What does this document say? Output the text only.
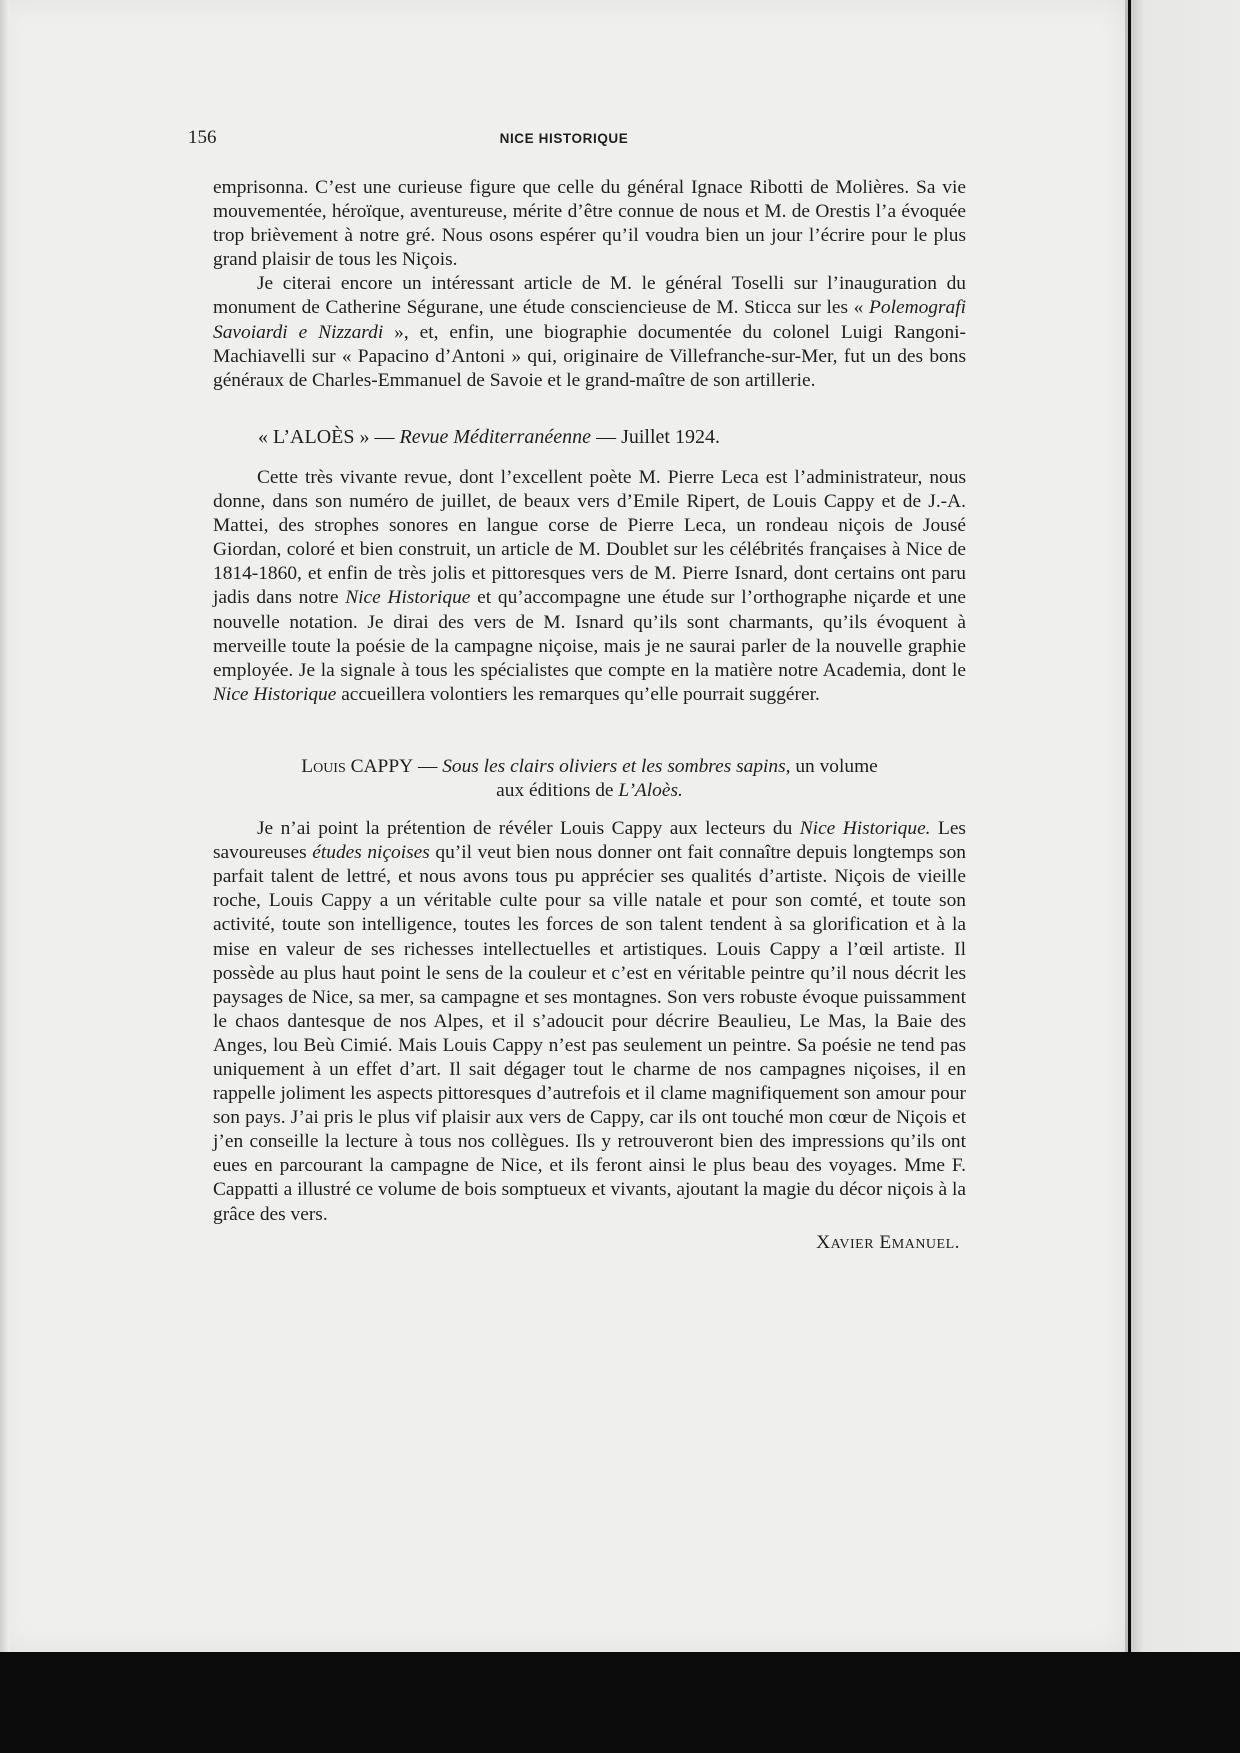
156	NICE HISTORIQUE

emprisonna. C’est une curieuse figure que celle du général Ignace Ribotti de Molières. Sa vie mouvementée, héroïque, aventureuse, mérite d’être connue de nous et M. de Orestis l’a évoquée trop brièvement à notre gré. Nous osons espérer qu’il voudra bien un jour l’écrire pour le plus grand plaisir de tous les Niçois.

Je citerai encore un intéressant article de M. le général Toselli sur l’inauguration du monument de Catherine Ségurane, une étude consciencieuse de M. Sticca sur les « Polemografi Savoiardi e Nizzardi », et, enfin, une biographie documentée du colonel Luigi Rangoni-Machiavelli sur « Papacino d’Antoni » qui, originaire de Villefranche-sur-Mer, fut un des bons généraux de Charles-Emmanuel de Savoie et le grand-maître de son artillerie.

« L’ALOÈS » — Revue Méditerranéenne — Juillet 1924.

Cette très vivante revue, dont l’excellent poète M. Pierre Leca est l’administrateur, nous donne, dans son numéro de juillet, de beaux vers d’Emile Ripert, de Louis Cappy et de J.-A. Mattei, des strophes sonores en langue corse de Pierre Leca, un rondeau niçois de Jousé Giordan, coloré et bien construit, un article de M. Doublet sur les célébrités françaises à Nice de 1814-1860, et enfin de très jolis et pittoresques vers de M. Pierre Isnard, dont certains ont paru jadis dans notre Nice Historique et qu’accompagne une étude sur l’orthographe niçarde et une nouvelle notation. Je dirai des vers de M. Isnard qu’ils sont charmants, qu’ils évoquent à merveille toute la poésie de la campagne niçoise, mais je ne saurai parler de la nouvelle graphie employée. Je la signale à tous les spécialistes que compte en la matière notre Academia, dont le Nice Historique accueillera volontiers les remarques qu’elle pourrait suggérer.

Louis CAPPY — Sous les clairs oliviers et les sombres sapins, un volume
aux éditions de L’Aloès.

Je n’ai point la prétention de révéler Louis Cappy aux lecteurs du Nice Historique. Les savoureuses études niçoises qu’il veut bien nous donner ont fait connaître depuis longtemps son parfait talent de lettré, et nous avons tous pu apprécier ses qualités d’artiste. Niçois de vieille roche, Louis Cappy a un véritable culte pour sa ville natale et pour son comté, et toute son activité, toute son intelligence, toutes les forces de son talent tendent à sa glorification et à la mise en valeur de ses richesses intellectuelles et artistiques. Louis Cappy a l’œil artiste. Il possède au plus haut point le sens de la couleur et c’est en véritable peintre qu’il nous décrit les paysages de Nice, sa mer, sa campagne et ses montagnes. Son vers robuste évoque puissamment le chaos dantesque de nos Alpes, et il s’adoucit pour décrire Beaulieu, Le Mas, la Baie des Anges, lou Beù Cimié. Mais Louis Cappy n’est pas seulement un peintre. Sa poésie ne tend pas uniquement à un effet d’art. Il sait dégager tout le charme de nos campagnes niçoises, il en rappelle joliment les aspects pittoresques d’autrefois et il clame magnifiquement son amour pour son pays. J’ai pris le plus vif plaisir aux vers de Cappy, car ils ont touché mon cœur de Niçois et j’en conseille la lecture à tous nos collègues. Ils y retrouveront bien des impressions qu’ils ont eues en parcourant la campagne de Nice, et ils feront ainsi le plus beau des voyages. Mme F. Cappatti a illustré ce volume de bois somptueux et vivants, ajoutant la magie du décor niçois à la grâce des vers.

Xavier Emanuel.
